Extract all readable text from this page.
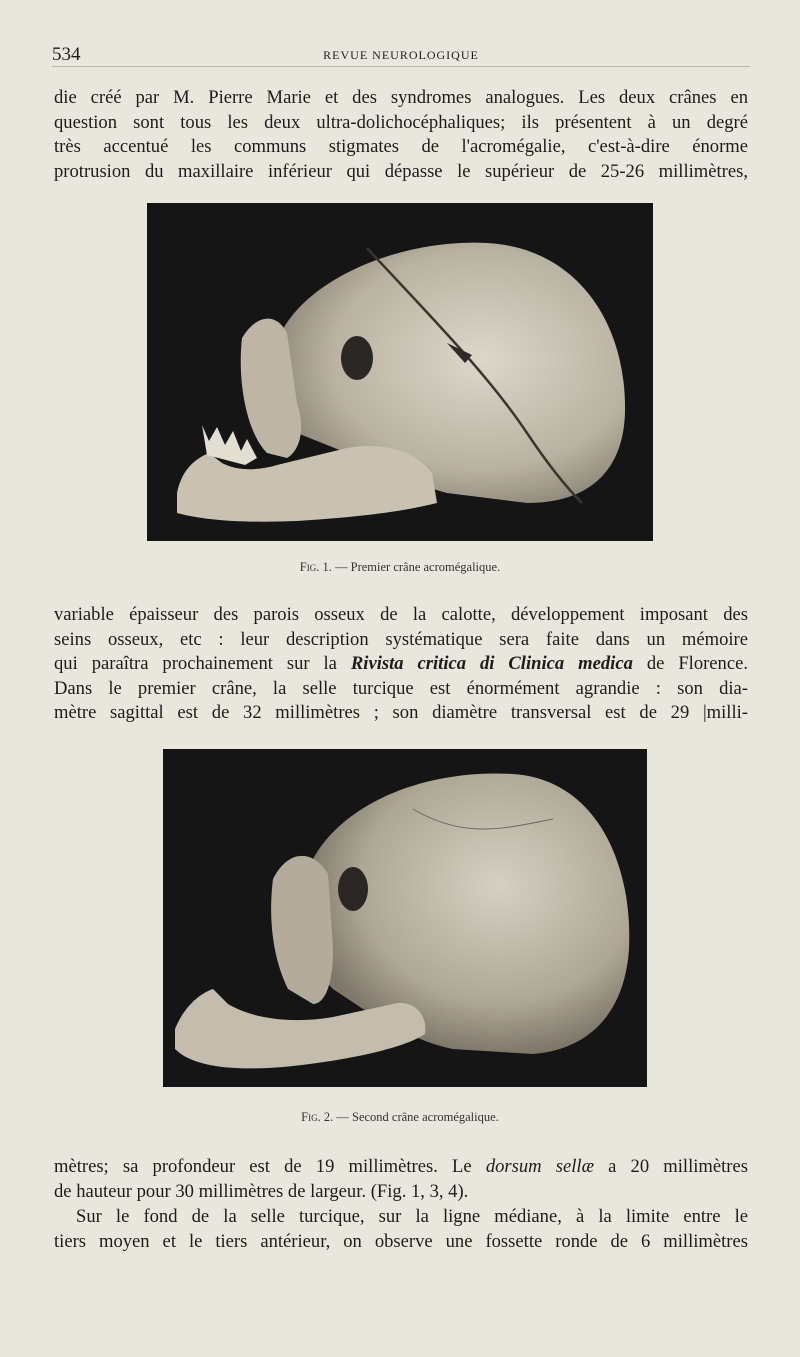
534	REVUE NEUROLOGIQUE

die créé par M. Pierre Marie et des syndromes analogues. Les deux crânes en
question sont tous les deux ultra-dolichocéphaliques; ils présentent à un degré
très accentué les communs stigmates de l'acromégalie, c'est-à-dire énorme
protrusion du maxillaire inférieur qui dépasse le supérieur de 25-26 millimètres,

Fig. 1. — Premier crâne acromégalique.

variable épaisseur des parois osseux de la calotte, développement imposant des
seins osseux, etc : leur description systématique sera faite dans un mémoire
qui paraîtra prochainement sur la Rivista critica di Clinica medica de Florence.
Dans le premier crâne, la selle turcique est énormément agrandie : son dia-
mètre sagittal est de 32 millimètres ; son diamètre transversal est de 29 |milli-

Fig. 2. — Second crâne acromégalique.

mètres; sa profondeur est de 19 millimètres. Le dorsum sellæ a 20 millimètres
de hauteur pour 30 millimètres de largeur. (Fig. 1, 3, 4).

Sur le fond de la selle turcique, sur la ligne médiane, à la limite entre le
tiers moyen et le tiers antérieur, on observe une fossette ronde de 6 millimètres
